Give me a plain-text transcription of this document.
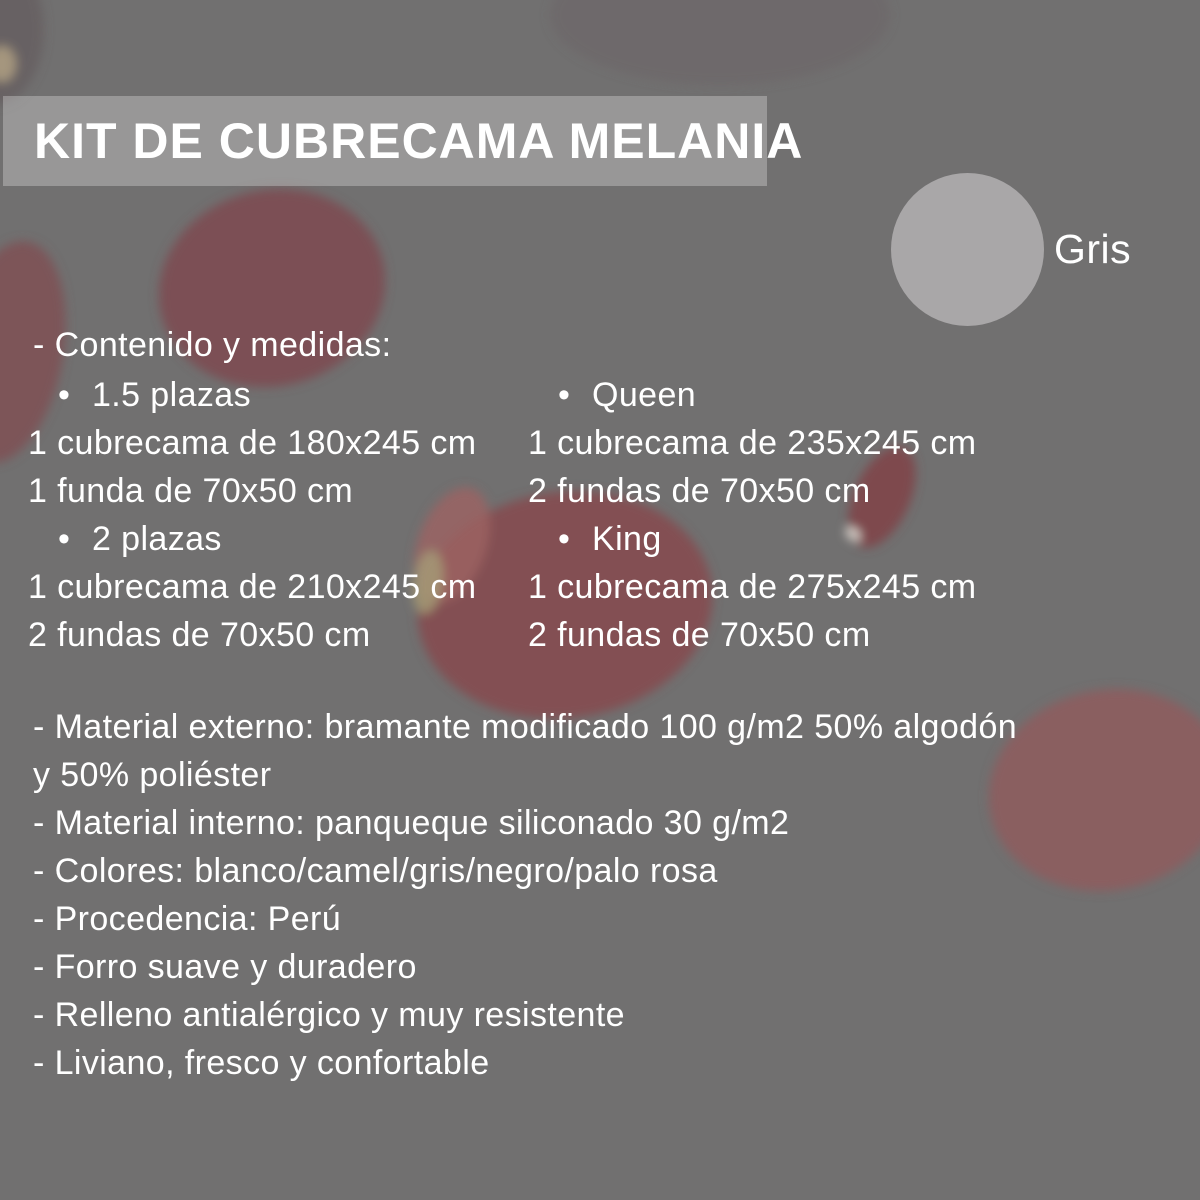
KIT DE CUBRECAMA MELANIA
Gris
- Contenido y medidas:
• 1.5 plazas
1 cubrecama de 180x245 cm
1 funda de 70x50 cm
• 2 plazas
1 cubrecama de 210x245 cm
2 fundas de 70x50 cm
• Queen
1 cubrecama de 235x245 cm
2 fundas de 70x50 cm
• King
1 cubrecama de 275x245 cm
2 fundas de 70x50 cm
- Material externo: bramante modificado 100 g/m2 50% algodón
y 50% poliéster
- Material interno: panqueque siliconado 30 g/m2
- Colores: blanco/camel/gris/negro/palo rosa
- Procedencia: Perú
- Forro suave y duradero
- Relleno antialérgico y muy resistente
- Liviano, fresco y confortable
